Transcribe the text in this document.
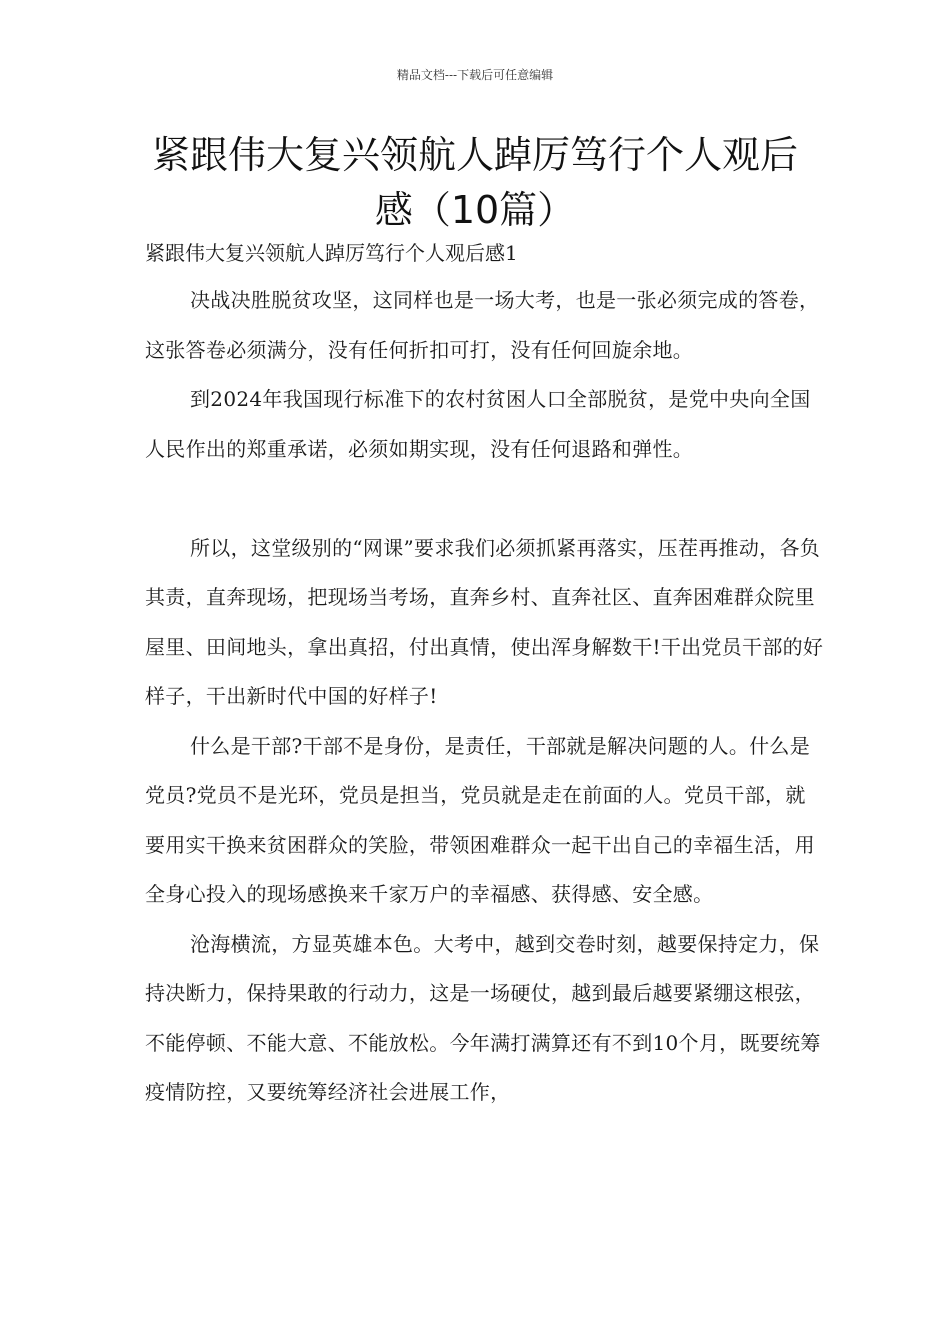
精品文档---下载后可任意编辑
紧跟伟大复兴领航人踔厉笃行个人观后感（10篇）
紧跟伟大复兴领航人踔厉笃行个人观后感1

决战决胜脱贫攻坚，这同样也是一场大考，也是一张必须完成的答卷，这张答卷必须满分，没有任何折扣可打，没有任何回旋余地。

到2024年我国现行标准下的农村贫困人口全部脱贫，是党中央向全国人民作出的郑重承诺，必须如期实现，没有任何退路和弹性。

所以，这堂级别的“网课”要求我们必须抓紧再落实，压茬再推动，各负其责，直奔现场，把现场当考场，直奔乡村、直奔社区、直奔困难群众院里屋里、田间地头，拿出真招，付出真情，使出浑身解数干!干出党员干部的好样子，干出新时代中国的好样子!

什么是干部?干部不是身份，是责任，干部就是解决问题的人。什么是党员?党员不是光环，党员是担当，党员就是走在前面的人。党员干部，就要用实干换来贫困群众的笑脸，带领困难群众一起干出自己的幸福生活，用全身心投入的现场感换来千家万户的幸福感、获得感、安全感。

沧海横流，方显英雄本色。大考中，越到交卷时刻，越要保持定力，保持决断力，保持果敢的行动力，这是一场硬仗，越到最后越要紧绷这根弦，不能停顿、不能大意、不能放松。今年满打满算还有不到10个月，既要统筹疫情防控，又要统筹经济社会进展工作，
